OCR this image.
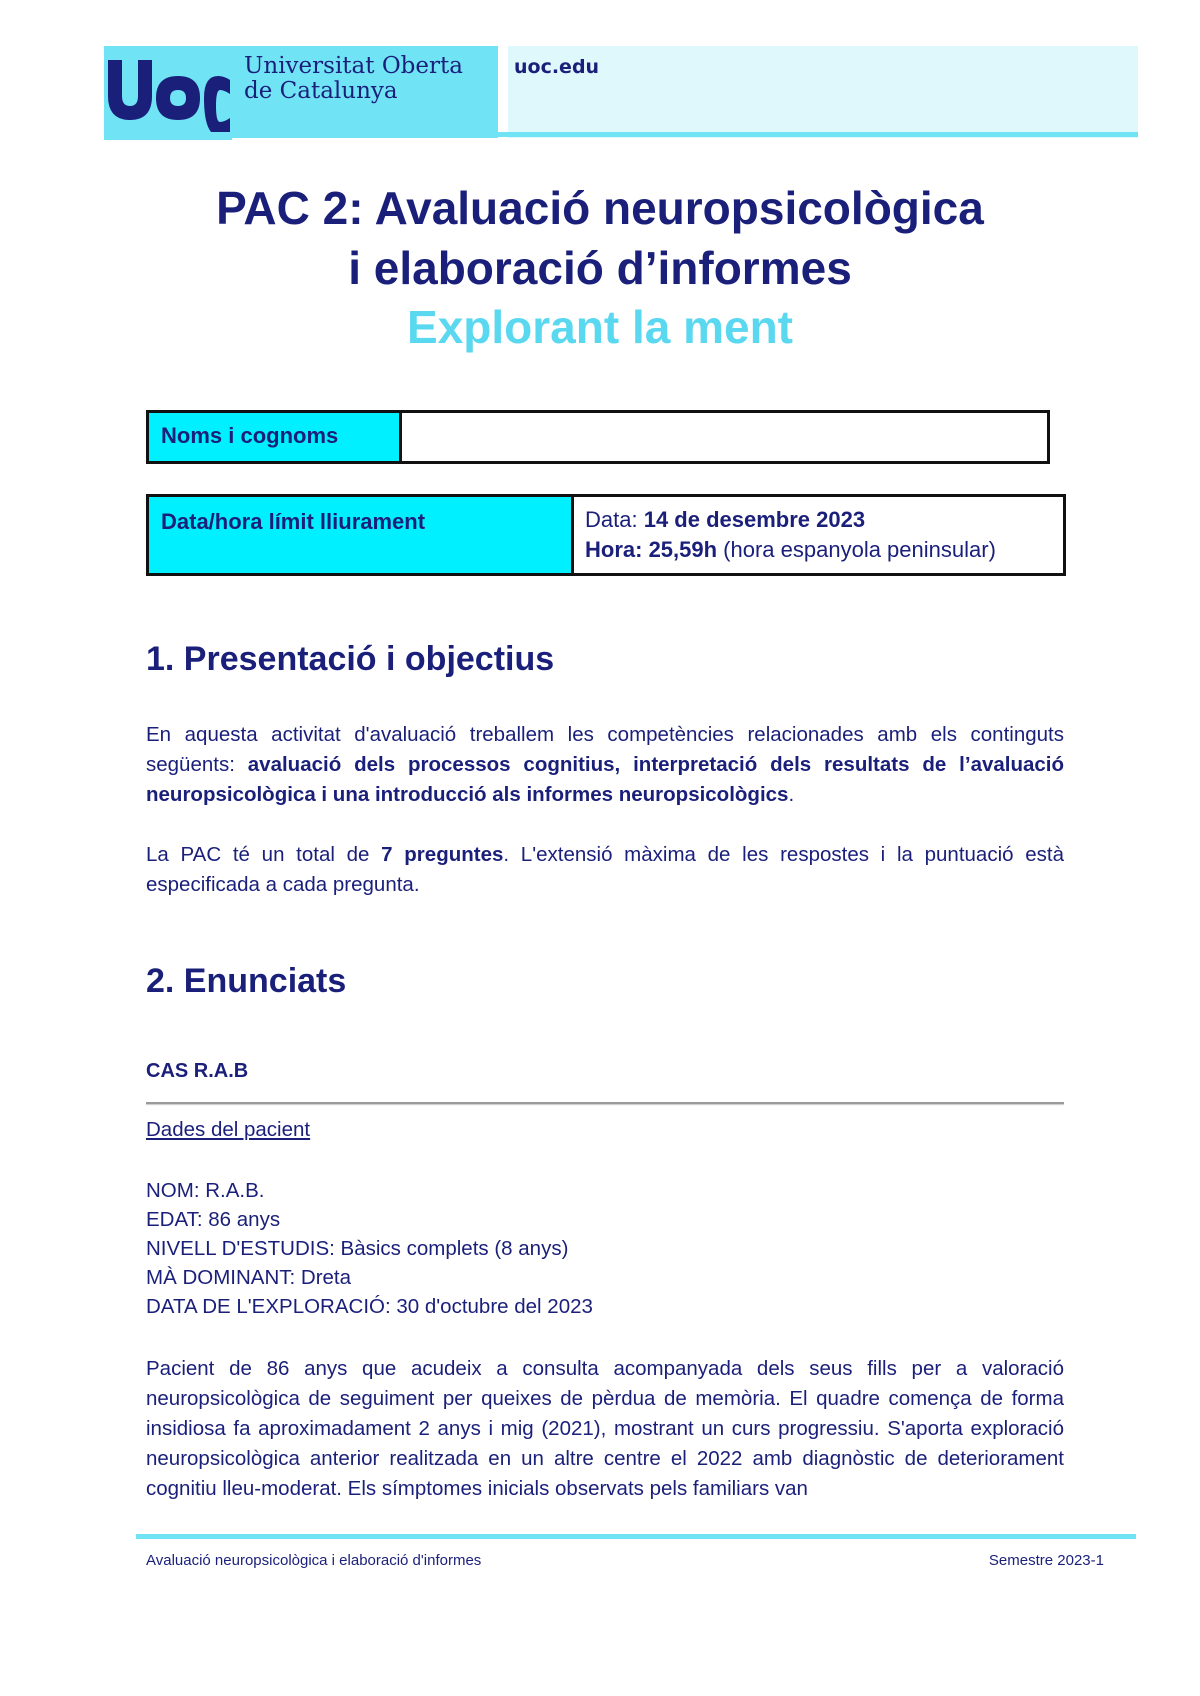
Universitat Oberta
de Catalunya
uoc.edu
PAC 2: Avaluació neuropsicològica
i elaboració d’informes
Explorant la ment
Noms i cognoms
Data/hora límit lliurament	Data: 14 de desembre 2023
Hora: 25,59h (hora espanyola peninsular)
1. Presentació i objectius
En aquesta activitat d'avaluació treballem les competències relacionades amb els continguts següents: avaluació dels processos cognitius, interpretació dels resultats de l’avaluació neuropsicològica i una introducció als informes neuropsicològics.
La PAC té un total de 7 preguntes. L'extensió màxima de les respostes i la puntuació està especificada a cada pregunta.
2. Enunciats
CAS R.A.B
Dades del pacient
NOM: R.A.B.
EDAT: 86 anys
NIVELL D'ESTUDIS: Bàsics complets (8 anys)
MÀ DOMINANT: Dreta
DATA DE L'EXPLORACIÓ: 30 d'octubre del 2023
Pacient de 86 anys que acudeix a consulta acompanyada dels seus fills per a valoració neuropsicològica de seguiment per queixes de pèrdua de memòria. El quadre comença de forma insidiosa fa aproximadament 2 anys i mig (2021), mostrant un curs progressiu. S'aporta exploració neuropsicològica anterior realitzada en un altre centre el 2022 amb diagnòstic de deteriorament cognitiu lleu-moderat. Els símptomes inicials observats pels familiars van
Avaluació neuropsicològica i elaboració d'informes	Semestre 2023-1
